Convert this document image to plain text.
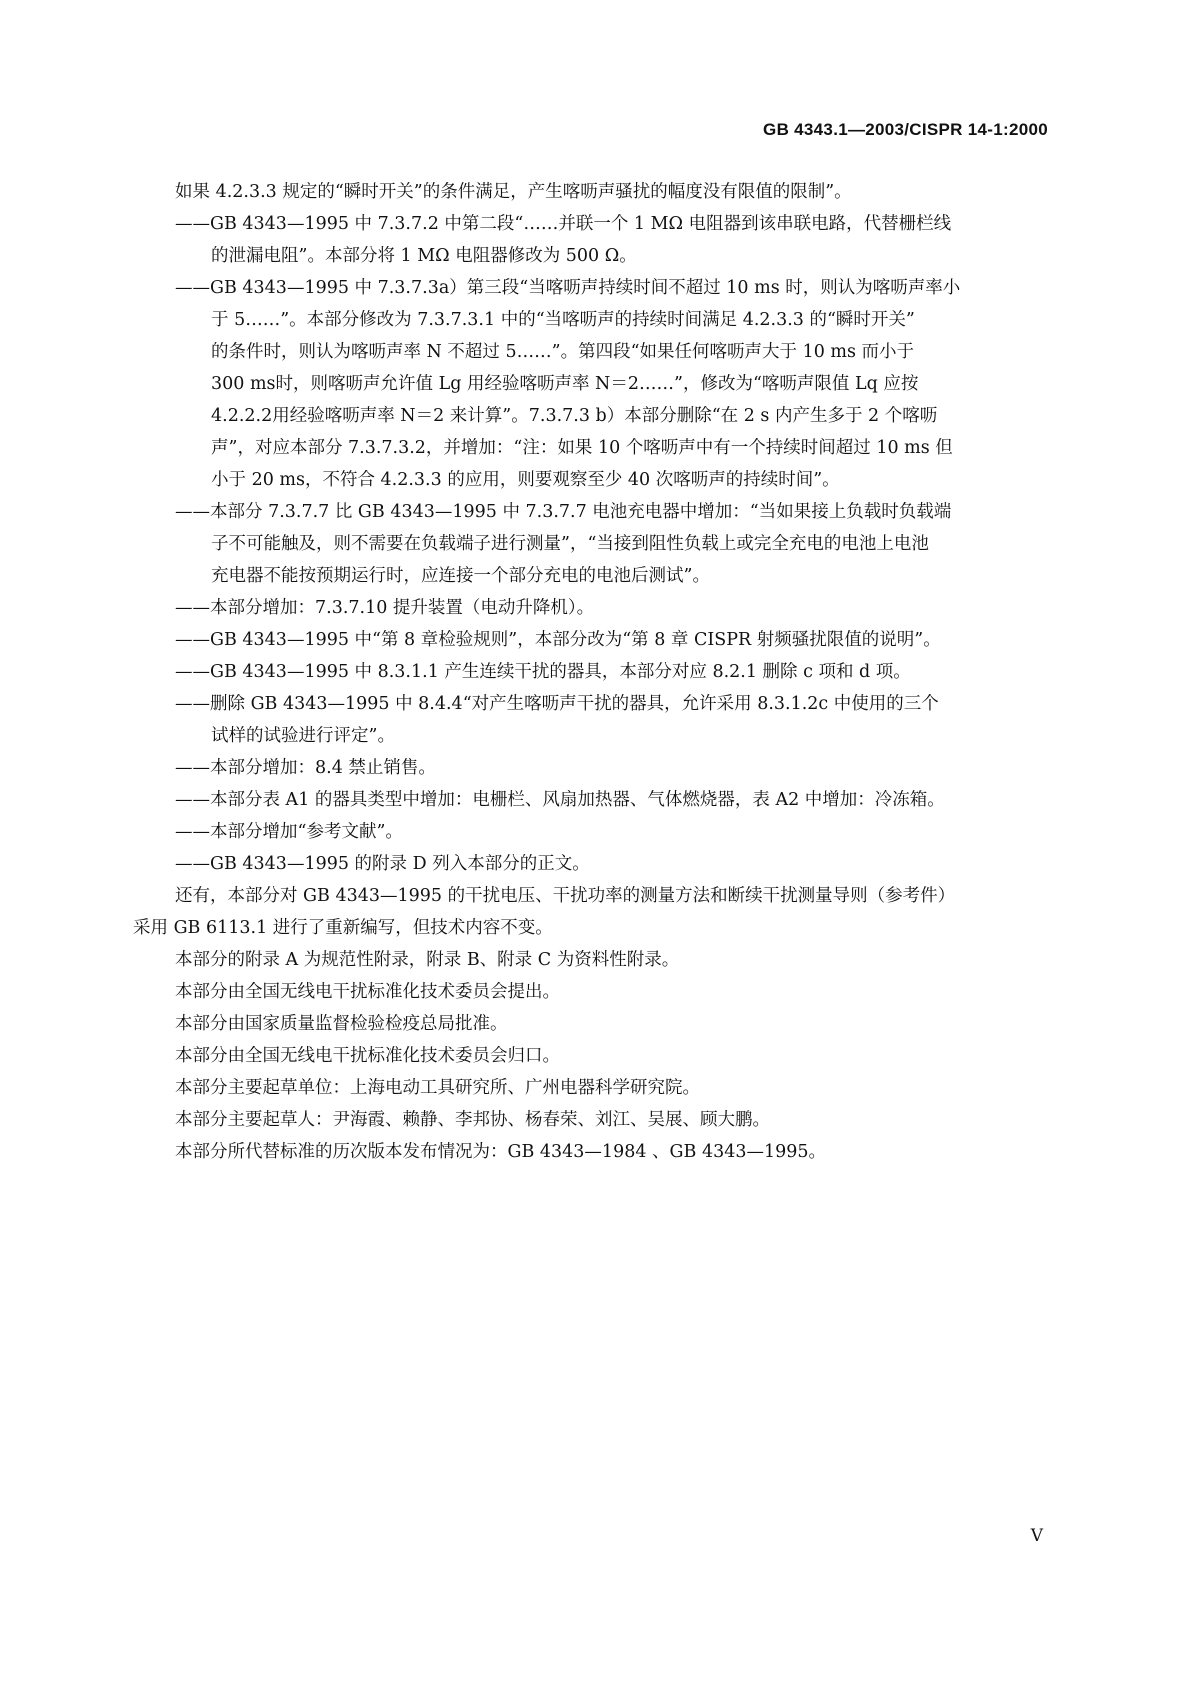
GB 4343.1—2003/CISPR 14-1:2000
如果 4.2.3.3 规定的“瞬时开关”的条件满足，产生喀呖声骚扰的幅度没有限值的限制”。
——GB 4343—1995 中 7.3.7.2 中第二段“……并联一个 1 MΩ 电阻器到该串联电路，代替栅栏线
的泄漏电阻”。本部分将 1 MΩ 电阻器修改为 500 Ω。
——GB 4343—1995 中 7.3.7.3a）第三段“当喀呖声持续时间不超过 10 ms 时，则认为喀呖声率小
于 5……”。本部分修改为 7.3.7.3.1 中的“当喀呖声的持续时间满足 4.2.3.3 的“瞬时开关”
的条件时，则认为喀呖声率 N 不超过 5……”。第四段“如果任何喀呖声大于 10 ms 而小于
300 ms时，则喀呖声允许值 Lg 用经验喀呖声率 N＝2……”，修改为“喀呖声限值 Lq 应按
4.2.2.2用经验喀呖声率 N＝2 来计算”。7.3.7.3 b）本部分删除“在 2 s 内产生多于 2 个喀呖
声”，对应本部分 7.3.7.3.2，并增加：“注：如果 10 个喀呖声中有一个持续时间超过 10 ms 但
小于 20 ms，不符合 4.2.3.3 的应用，则要观察至少 40 次喀呖声的持续时间”。
——本部分 7.3.7.7 比 GB 4343—1995 中 7.3.7.7 电池充电器中增加：“当如果接上负载时负载端
子不可能触及，则不需要在负载端子进行测量”，“当接到阻性负载上或完全充电的电池上电池
充电器不能按预期运行时，应连接一个部分充电的电池后测试”。
——本部分增加：7.3.7.10 提升装置（电动升降机）。
——GB 4343—1995 中“第 8 章检验规则”，本部分改为“第 8 章 CISPR 射频骚扰限值的说明”。
——GB 4343—1995 中 8.3.1.1 产生连续干扰的器具，本部分对应 8.2.1 删除 c 项和 d 项。
——删除 GB 4343—1995 中 8.4.4“对产生喀呖声干扰的器具，允许采用 8.3.1.2c 中使用的三个
试样的试验进行评定”。
——本部分增加：8.4 禁止销售。
——本部分表 A1 的器具类型中增加：电栅栏、风扇加热器、气体燃烧器，表 A2 中增加：冷冻箱。
——本部分增加“参考文献”。
——GB 4343—1995 的附录 D 列入本部分的正文。
还有，本部分对 GB 4343—1995 的干扰电压、干扰功率的测量方法和断续干扰测量导则（参考件）
采用 GB 6113.1 进行了重新编写，但技术内容不变。
本部分的附录 A 为规范性附录，附录 B、附录 C 为资料性附录。
本部分由全国无线电干扰标准化技术委员会提出。
本部分由国家质量监督检验检疫总局批准。
本部分由全国无线电干扰标准化技术委员会归口。
本部分主要起草单位：上海电动工具研究所、广州电器科学研究院。
本部分主要起草人：尹海霞、赖静、李邦协、杨春荣、刘江、吴展、顾大鹏。
本部分所代替标准的历次版本发布情况为：GB 4343—1984 、GB 4343—1995。
V
